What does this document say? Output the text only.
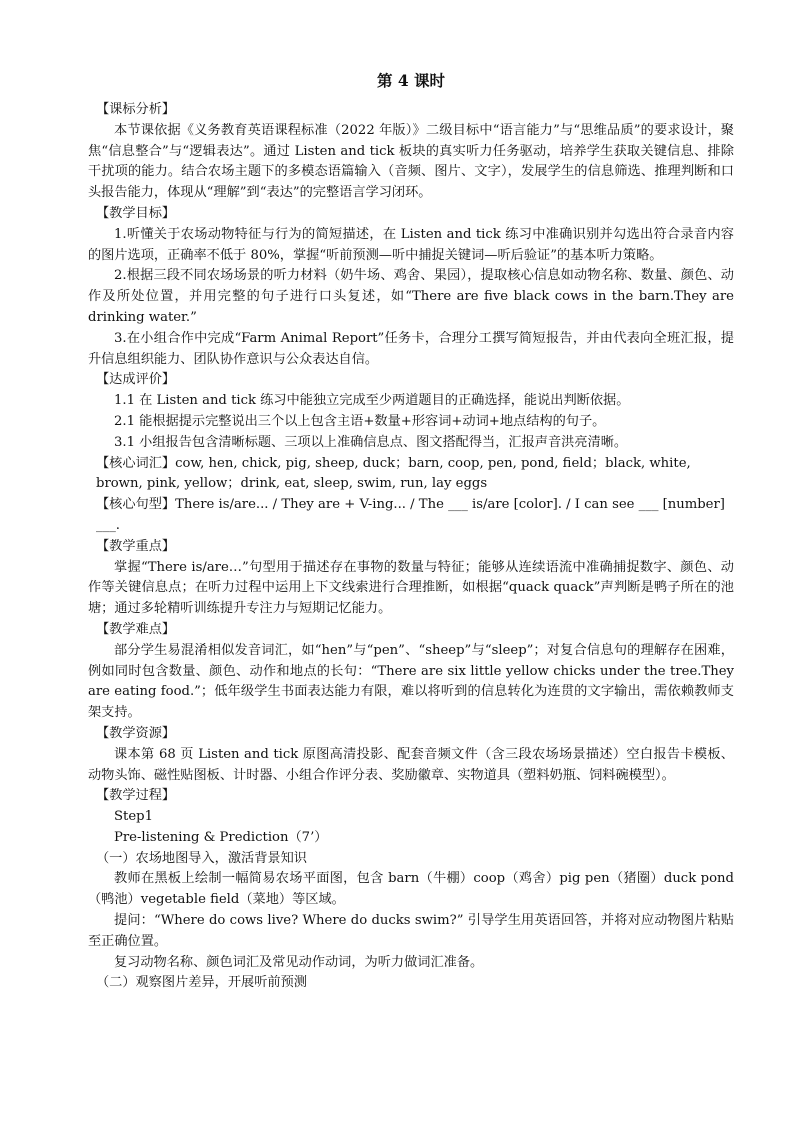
第 4 课时
【课标分析】
本节课依据《义务教育英语课程标准（2022 年版）》二级目标中“语言能力”与“思维品质”的要求设计，聚焦“信息整合”与“逻辑表达”。通过 Listen and tick 板块的真实听力任务驱动，培养学生获取关键信息、排除干扰项的能力。结合农场主题下的多模态语篇输入（音频、图片、文字），发展学生的信息筛选、推理判断和口头报告能力，体现从“理解”到“表达”的完整语言学习闭环。
【教学目标】
1.听懂关于农场动物特征与行为的简短描述，在 Listen and tick 练习中准确识别并勾选出符合录音内容的图片选项，正确率不低于 80%，掌握“听前预测—听中捕捉关键词—听后验证”的基本听力策略。
2.根据三段不同农场场景的听力材料（奶牛场、鸡舍、果园），提取核心信息如动物名称、数量、颜色、动作及所处位置，并用完整的句子进行口头复述，如“There are five black cows in the barn.They are drinking water.”
3.在小组合作中完成“Farm Animal Report”任务卡，合理分工撰写简短报告，并由代表向全班汇报，提升信息组织能力、团队协作意识与公众表达自信。
【达成评价】
1.1 在 Listen and tick 练习中能独立完成至少两道题目的正确选择，能说出判断依据。
2.1 能根据提示完整说出三个以上包含主语+数量+形容词+动词+地点结构的句子。
3.1 小组报告包含清晰标题、三项以上准确信息点、图文搭配得当，汇报声音洪亮清晰。
【核心词汇】cow, hen, chick, pig, sheep, duck；barn, coop, pen, pond, field；black, white, brown, pink, yellow；drink, eat, sleep, swim, run, lay eggs
【核心句型】There is/are... / They are + V-ing... / The ___ is/are [color]. / I can see ___ [number] ___.
【教学重点】
掌握“There is/are…”句型用于描述存在事物的数量与特征；能够从连续语流中准确捕捉数字、颜色、动作等关键信息点；在听力过程中运用上下文线索进行合理推断，如根据“quack quack”声判断是鸭子所在的池塘；通过多轮精听训练提升专注力与短期记忆能力。
【教学难点】
部分学生易混淆相似发音词汇，如“hen”与“pen”、“sheep”与“sleep”；对复合信息句的理解存在困难，例如同时包含数量、颜色、动作和地点的长句：“There are six little yellow chicks under the tree.They are eating food.”；低年级学生书面表达能力有限，难以将听到的信息转化为连贯的文字输出，需依赖教师支架支持。
【教学资源】
课本第 68 页 Listen and tick 原图高清投影、配套音频文件（含三段农场场景描述）空白报告卡模板、动物头饰、磁性贴图板、计时器、小组合作评分表、奖励徽章、实物道具（塑料奶瓶、饲料碗模型）。
【教学过程】
Step1
Pre-listening & Prediction（7’）
（一）农场地图导入，激活背景知识
教师在黑板上绘制一幅简易农场平面图，包含 barn（牛棚）coop（鸡舍）pig pen（猪圈）duck pond（鸭池）vegetable field（菜地）等区域。
提问：“Where do cows live? Where do ducks swim?” 引导学生用英语回答，并将对应动物图片粘贴至正确位置。
复习动物名称、颜色词汇及常见动作动词，为听力做词汇准备。
（二）观察图片差异，开展听前预测
